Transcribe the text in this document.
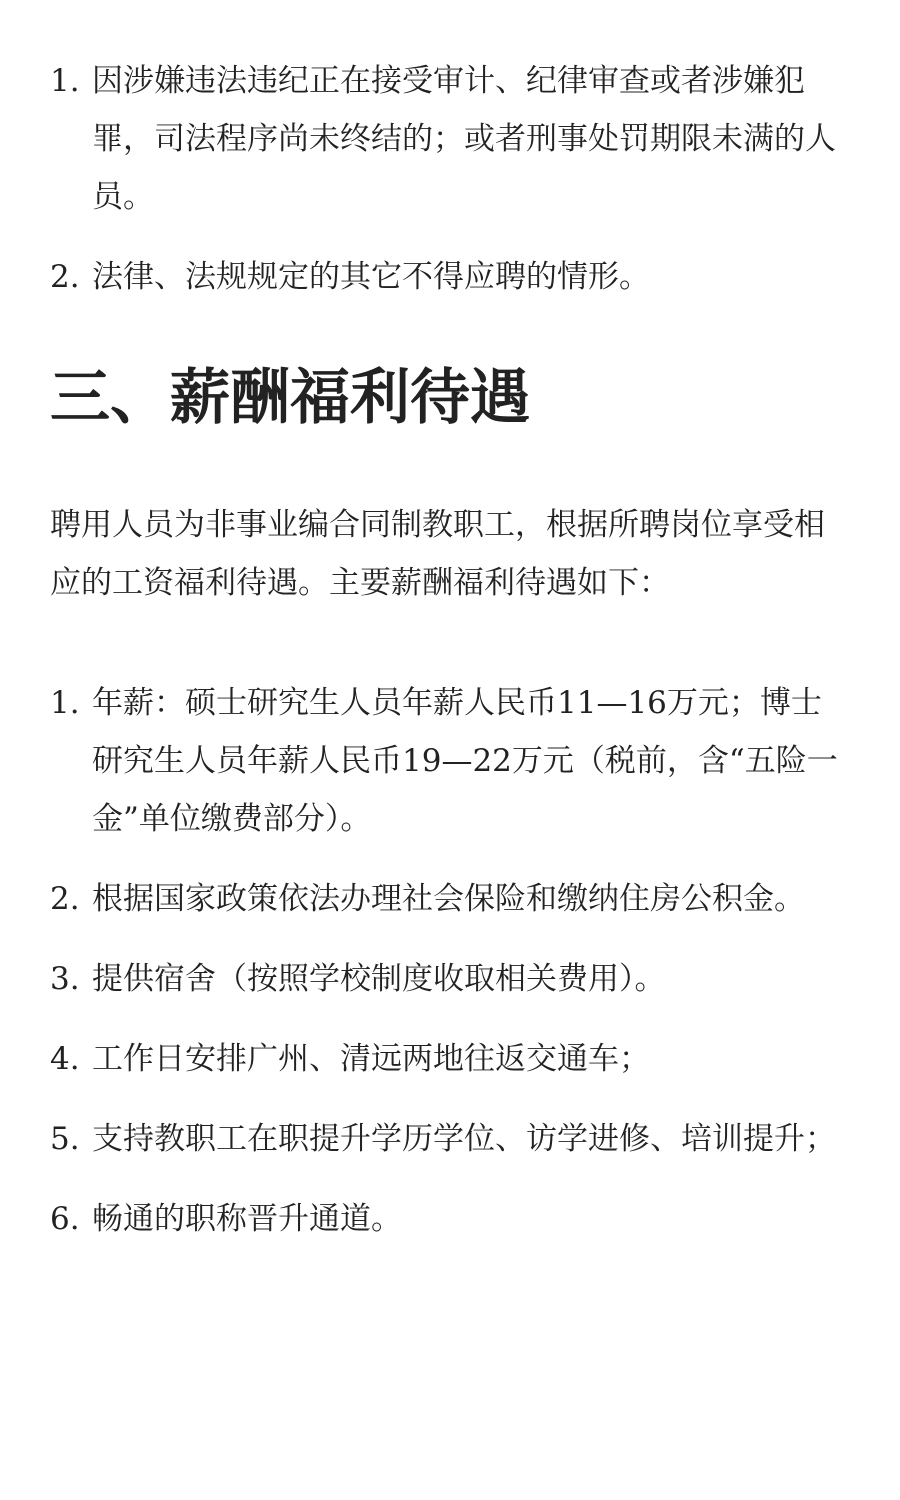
1. 因涉嫌违法违纪正在接受审计、纪律审查或者涉嫌犯罪，司法程序尚未终结的；或者刑事处罚期限未满的人员。
2. 法律、法规规定的其它不得应聘的情形。
三、薪酬福利待遇

聘用人员为非事业编合同制教职工，根据所聘岗位享受相应的工资福利待遇。主要薪酬福利待遇如下：

1. 年薪：硕士研究生人员年薪人民币11—16万元；博士研究生人员年薪人民币19—22万元（税前，含“五险一金”单位缴费部分）。
2. 根据国家政策依法办理社会保险和缴纳住房公积金。
3. 提供宿舍（按照学校制度收取相关费用）。
4. 工作日安排广州、清远两地往返交通车；
5. 支持教职工在职提升学历学位、访学进修、培训提升；
6. 畅通的职称晋升通道。
